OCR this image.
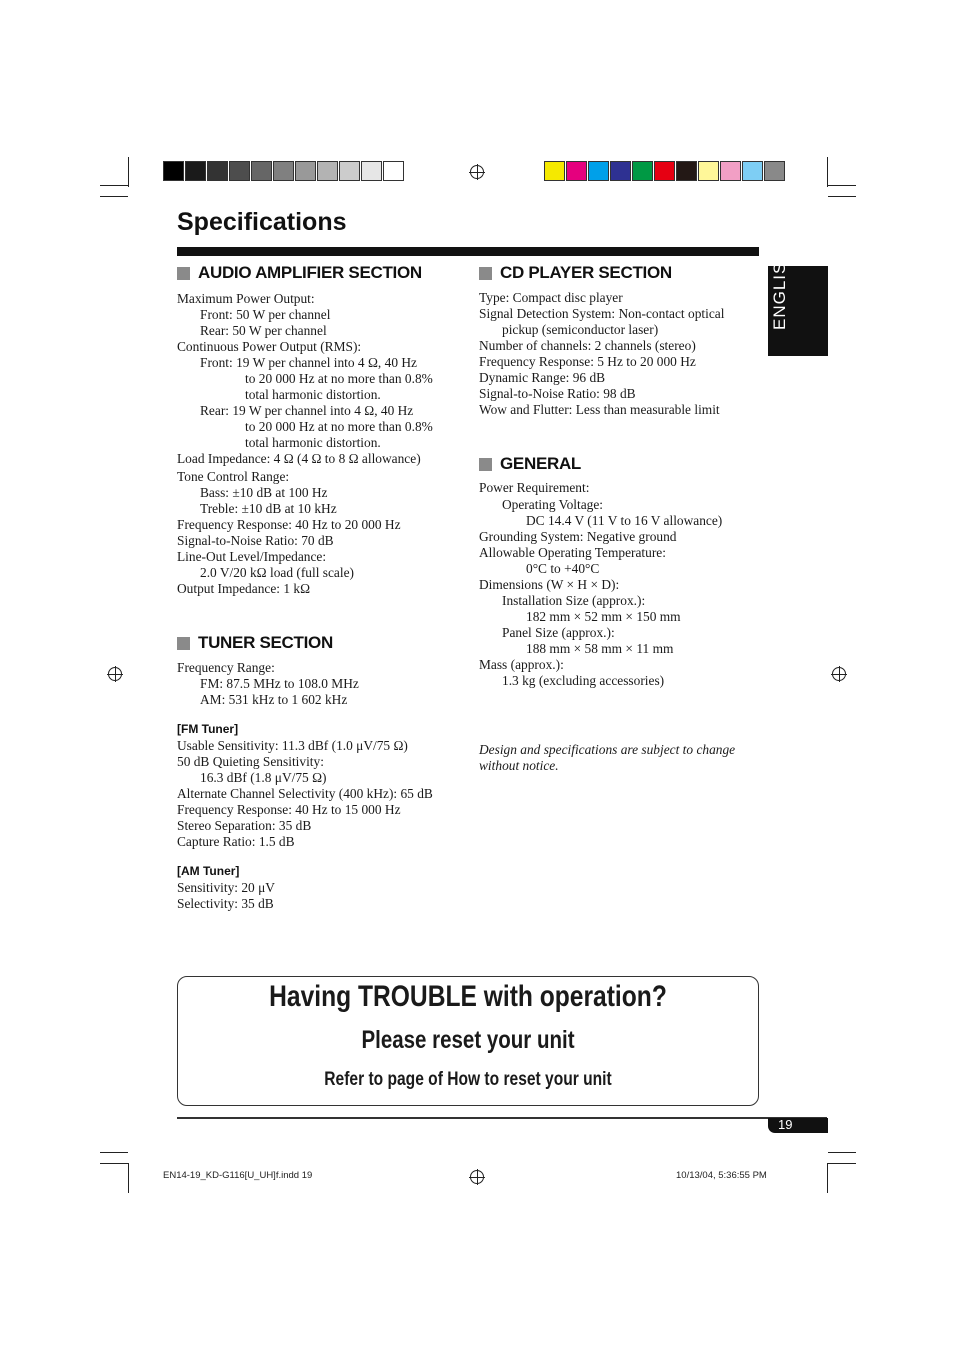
Specifications
ENGLISH
AUDIO AMPLIFIER SECTION
Maximum Power Output:
Front: 50 W per channel
Rear: 50 W per channel
Continuous Power Output (RMS):
Front: 19 W per channel into 4 Ω, 40 Hz
to 20 000 Hz at no more than 0.8%
total harmonic distortion.
Rear: 19 W per channel into 4 Ω, 40 Hz
to 20 000 Hz at no more than 0.8%
total harmonic distortion.
Load Impedance: 4 Ω (4 Ω to 8 Ω allowance)
Tone Control Range:
Bass: ±10 dB at 100 Hz
Treble: ±10 dB at 10 kHz
Frequency Response: 40 Hz to 20 000 Hz
Signal-to-Noise Ratio: 70 dB
Line-Out Level/Impedance:
2.0 V/20 kΩ load (full scale)
Output Impedance: 1 kΩ
TUNER SECTION
Frequency Range:
FM: 87.5 MHz to 108.0 MHz
AM: 531 kHz to 1 602 kHz
[FM Tuner]
Usable Sensitivity: 11.3 dBf (1.0 μV/75 Ω)
50 dB Quieting Sensitivity:
16.3 dBf (1.8 μV/75 Ω)
Alternate Channel Selectivity (400 kHz): 65 dB
Frequency Response: 40 Hz to 15 000 Hz
Stereo Separation: 35 dB
Capture Ratio: 1.5 dB
[AM Tuner]
Sensitivity: 20 μV
Selectivity: 35 dB
CD PLAYER SECTION
Type: Compact disc player
Signal Detection System: Non-contact optical
pickup (semiconductor laser)
Number of channels: 2 channels (stereo)
Frequency Response: 5 Hz to 20 000 Hz
Dynamic Range: 96 dB
Signal-to-Noise Ratio: 98 dB
Wow and Flutter: Less than measurable limit
GENERAL
Power Requirement:
Operating Voltage:
DC 14.4 V (11 V to 16 V allowance)
Grounding System: Negative ground
Allowable Operating Temperature:
0°C to +40°C
Dimensions (W × H × D):
Installation Size (approx.):
182 mm × 52 mm × 150 mm
Panel Size (approx.):
188 mm × 58 mm × 11 mm
Mass (approx.):
1.3 kg (excluding accessories)
Design and specifications are subject to change
without notice.
Having TROUBLE with operation?
Please reset your unit
Refer to page of How to reset your unit
19
EN14-19_KD-G116[U_UH]f.indd 19	10/13/04, 5:36:55 PM
